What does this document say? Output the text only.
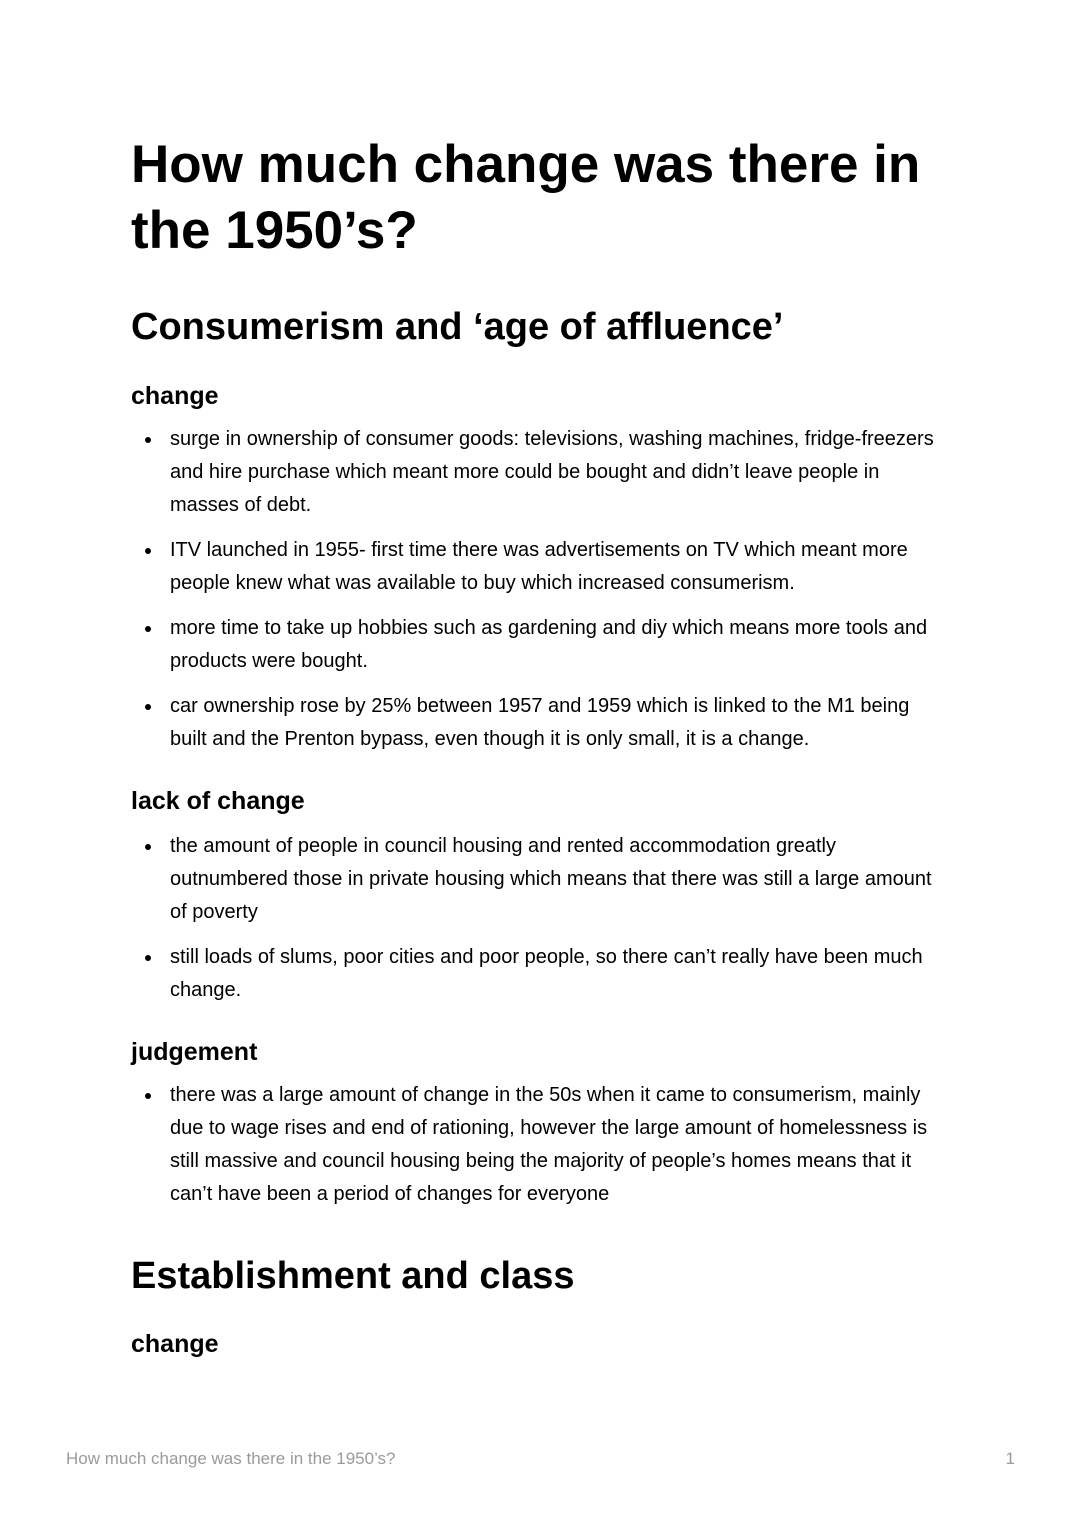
How much change was there in the 1950’s?
Consumerism and ‘age of affluence’
change
surge in ownership of consumer goods: televisions, washing machines, fridge-freezers and hire purchase which meant more could be bought and didn’t leave people in masses of debt.
ITV launched in 1955- first time there was advertisements on TV which meant more people knew what was available to buy which increased consumerism.
more time to take up hobbies such as gardening and diy which means more tools and products were bought.
car ownership rose by 25% between 1957 and 1959 which is linked to the M1 being built and the Prenton bypass, even though it is only small, it is a change.
lack of change
the amount of people in council housing and rented accommodation greatly outnumbered those in private housing which means that there was still a large amount of poverty
still loads of slums, poor cities and poor people, so there can’t really have been much change.
judgement
there was a large amount of change in the 50s when it came to consumerism, mainly due to wage rises and end of rationing, however the large amount of homelessness is still massive and council housing being the majority of people’s homes means that it can’t have been a period of changes for everyone
Establishment and class
change
How much change was there in the 1950’s?	1
